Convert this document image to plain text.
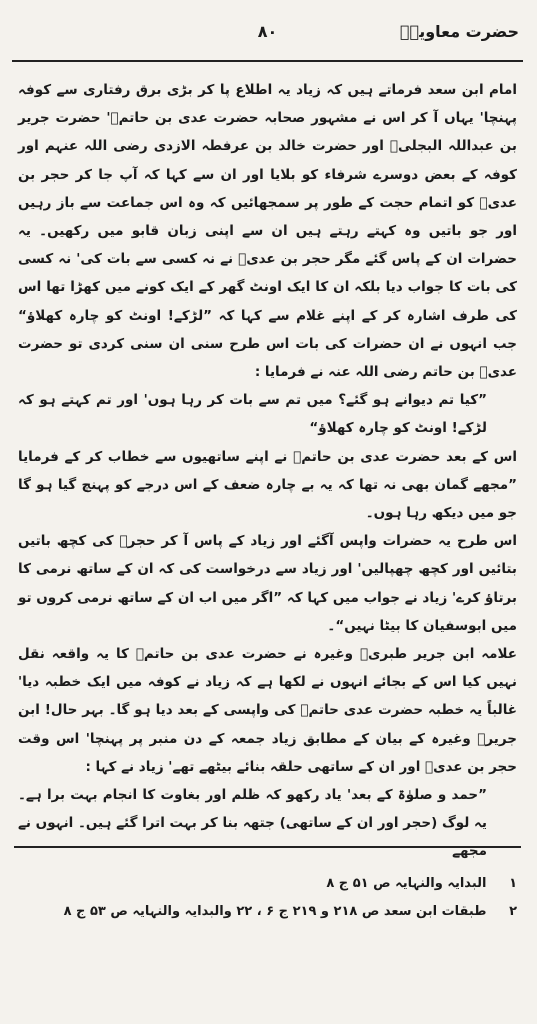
حضرت معاویہؓ
۸۰

امام ابن سعد فرماتے ہیں کہ زیاد یہ اطلاع پا کر بڑی برق رفتاری سے کوفہ پہنچا' یہاں آ کر اس نے مشہور صحابہ حضرت عدی بن حاتمؓ' حضرت جریر بن عبداللہ البجلیؓ اور حضرت خالد بن عرفطہ الازدی رضی اللہ عنہم اور کوفہ کے بعض دوسرے شرفاء کو بلایا اور ان سے کہا کہ آپ جا کر حجر بن عدیؓ کو اتمام حجت کے طور پر سمجھائیں کہ وہ اس جماعت سے باز رہیں اور جو باتیں وہ کہتے رہتے ہیں ان سے اپنی زبان قابو میں رکھیں۔ یہ حضرات ان کے پاس گئے مگر حجر بن عدیؓ نے نہ کسی سے بات کی' نہ کسی کی بات کا جواب دیا بلکہ ان کا ایک اونٹ گھر کے ایک کونے میں کھڑا تھا اس کی طرف اشارہ کر کے اپنے غلام سے کہا کہ ”لڑکے! اونٹ کو چارہ کھلاؤ“ جب انہوں نے ان حضرات کی بات اس طرح سنی ان سنی کردی تو حضرت عدیؓ بن حاتم رضی اللہ عنہ نے فرمایا :

”کیا تم دیوانے ہو گئے؟ میں تم سے بات کر رہا ہوں' اور تم کہتے ہو کہ لڑکے! اونٹ کو چارہ کھلاؤ“

اس کے بعد حضرت عدی بن حاتمؓ نے اپنے ساتھیوں سے خطاب کر کے فرمایا ”مجھے گمان بھی نہ تھا کہ یہ بے چارہ ضعف کے اس درجے کو پہنچ گیا ہو گا جو میں دیکھ رہا ہوں۔

اس طرح یہ حضرات واپس آگئے اور زیاد کے پاس آ کر حجرؓ کی کچھ باتیں بتائیں اور کچھ چھپالیں' اور زیاد سے درخواست کی کہ ان کے ساتھ نرمی کا برتاؤ کرے' زیاد نے جواب میں کہا کہ ”اگر میں اب ان کے ساتھ نرمی کروں تو میں ابوسفیان کا بیٹا نہیں“۔

علامہ ابن جریر طبریؒ وغیرہ نے حضرت عدی بن حاتمؓ کا یہ واقعہ نقل نہیں کیا اس کے بجائے انہوں نے لکھا ہے کہ زیاد نے کوفہ میں ایک خطبہ دیا' غالباً یہ خطبہ حضرت عدی حاتمؓ کی واپسی کے بعد دیا ہو گا۔ بہر حال! ابن جریرؒ وغیرہ کے بیان کے مطابق زیاد جمعہ کے دن منبر پر پہنچا' اس وقت حجر بن عدیؓ اور ان کے ساتھی حلقہ بنائے بیٹھے تھے' زیاد نے کہا :

”حمد و صلوٰۃ کے بعد' یاد رکھو کہ ظلم اور بغاوت کا انجام بہت برا ہے۔ یہ لوگ (حجر اور ان کے ساتھی) جتھہ بنا کر بہت اترا گئے ہیں۔ انہوں نے مجھے

۱ البدایہ والنہایہ ص ۵۱ ج ۸
۲ طبقات ابن سعد ص ۲۱۸ و ۲۱۹ ج ۶ ، ۲۲ والبدایہ والنہایہ ص ۵۳ ج ۸
